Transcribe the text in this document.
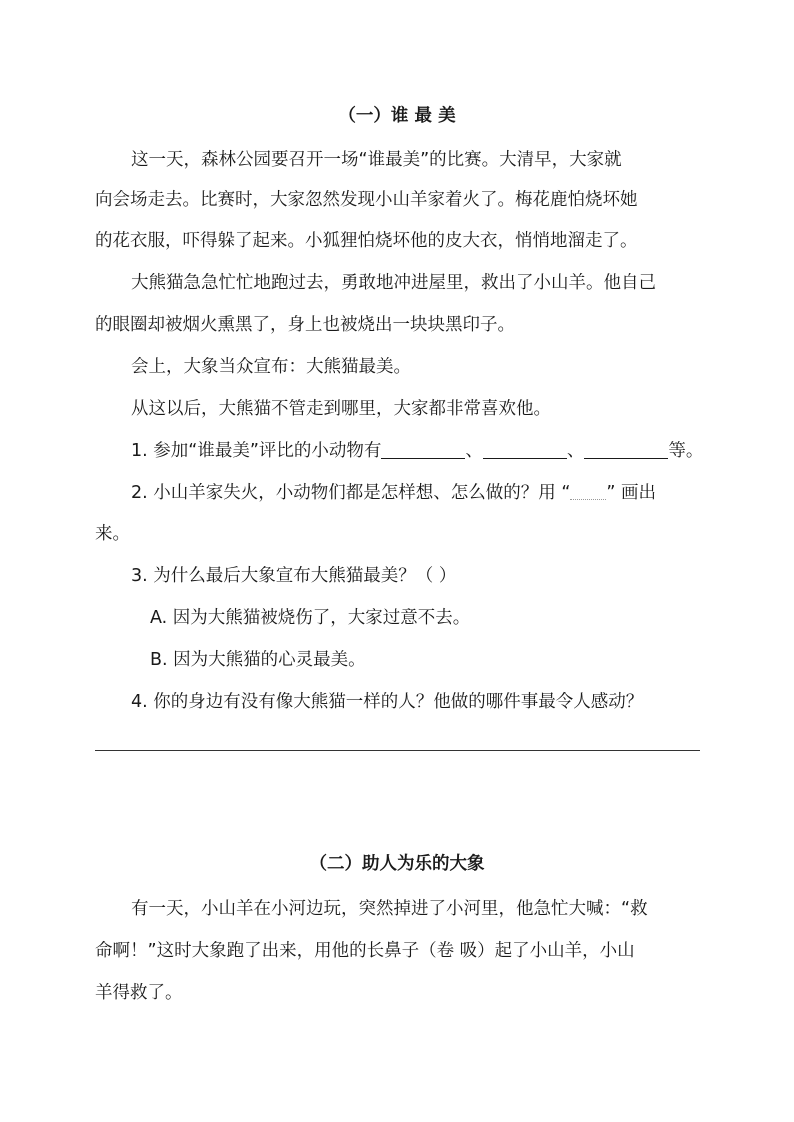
（一）谁 最 美
这一天，森林公园要召开一场“谁最美”的比赛。大清早，大家就
向会场走去。比赛时，大家忽然发现小山羊家着火了。梅花鹿怕烧坏她
的花衣服，吓得躲了起来。小狐狸怕烧坏他的皮大衣，悄悄地溜走了。
大熊猫急急忙忙地跑过去，勇敢地冲进屋里，救出了小山羊。他自己
的眼圈却被烟火熏黑了，身上也被烧出一块块黑印子。
会上，大象当众宣布：大熊猫最美。
从这以后，大熊猫不管走到哪里，大家都非常喜欢他。
1. 参加“谁最美”评比的小动物有	、	、	等。
2. 小山羊家失火，小动物们都是怎样想、怎么做的？用 “ ” 画出
来。
3. 为什么最后大象宣布大熊猫最美？（ ）
A. 因为大熊猫被烧伤了，大家过意不去。
B. 因为大熊猫的心灵最美。
4. 你的身边有没有像大熊猫一样的人？他做的哪件事最令人感动？
（二）助人为乐的大象
有一天，小山羊在小河边玩，突然掉进了小河里，他急忙大喊：“救
命啊！”这时大象跑了出来，用他的长鼻子（卷 吸）起了小山羊，小山
羊得救了。
